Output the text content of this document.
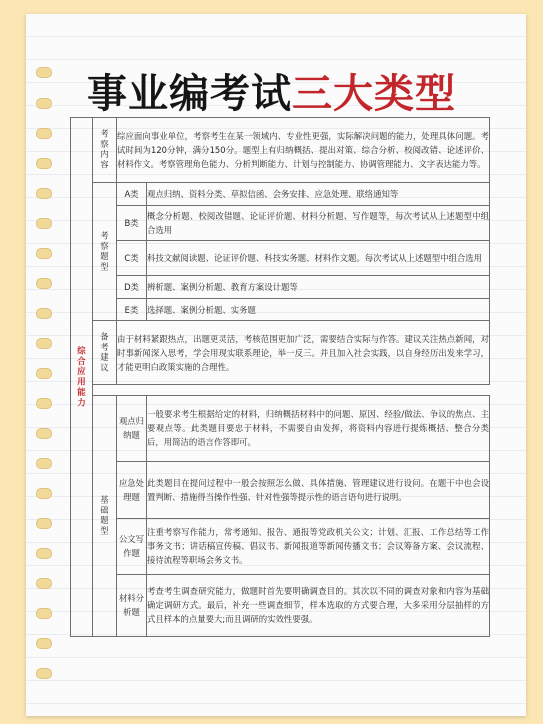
事业编考试三大类型
综合应用能力	考察内容	综应面向事业单位，考察考生在某一领域内、专业性更强，实际解决问题的能力，处理具体问题。考试时间为120分钟，满分150分。题型上有归纳概括、提出对策、综合分析、校阅改错、论述评价、材料作文。考察管理角色能力、分析判断能力、计划与控制能力、协调管理能力、文字表达能力等。	
	考察题型	A类	观点归纳、资料分类、草拟信函、会务安排、应急处理、联络通知等
		B类	概念分析题、校阅改错题、论证评价题、材料分析题、写作题等，每次考试从上述题型中组合选用
		C类	科技文献阅读题、论证评价题、科技实务题、材料作文题。每次考试从上述题型中组合选用
		D类	辨析题、案例分析题、教育方案设计题等
		E类	选择题、案例分析题、实务题
	备考建议	由于材料紧跟热点，出题更灵活，考核范围更加广泛，需要结合实际与作答。建议关注热点新闻，对时事新闻深入思考，学会用现实联系理论，举一反三。并且加入社会实践，以自身经历出发来学习，才能更明白政策实施的合理性。	

	基础题型	观点归纳题	一般要求考生根据给定的材料，归纳概括材料中的问题、原因、经验/做法、争议的焦点、主要观点等。此类题目要忠于材料，不需要自由发挥，将资料内容进行提炼概括、整合分类后，用简洁的语言作答即可。
		应急处理题	此类题目在提问过程中一般会按照怎么做、具体措施、管理建议进行设问。在题干中也会设置判断、措施得当操作性强、针对性强等提示性的语言语句进行说明。
		公文写作题	注重考察写作能力，常考通知、报告、通报等党政机关公文；计划、汇报、工作总结等工作事务文书；讲话稿宣传稿、倡议书、新闻报道等新闻传播文书；会议筹备方案、会议流程、接待流程等职场会务文书。
		材料分析题	考查考生调查研究能力，做题时首先要明确调查目的。其次以不同的调查对象和内容为基础确定调研方式。最后，补充一些调查细节，样本选取的方式要合理，大多采用分层抽样的方式且样本的点量要大;而且调研的实效性要强。
